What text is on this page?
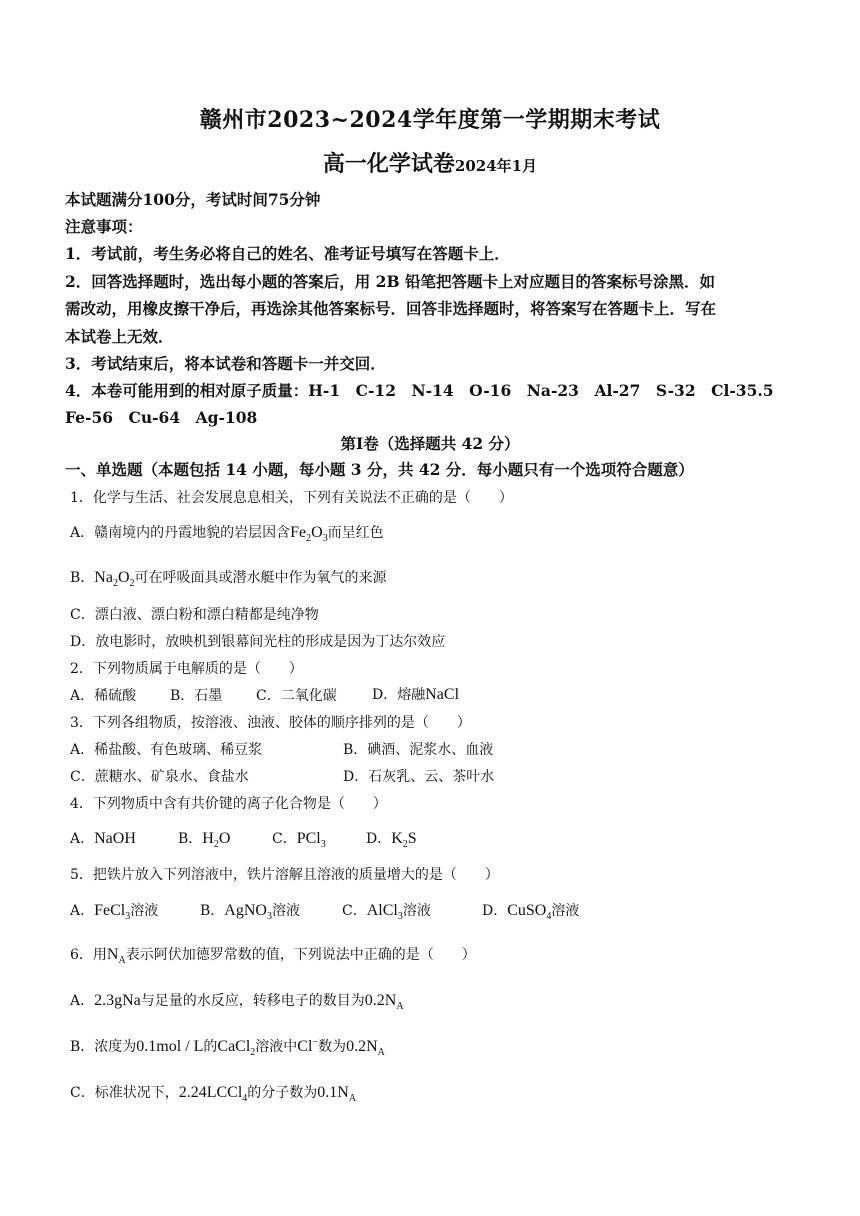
赣州市2023~2024学年度第一学期期末考试
高一化学试卷2024年1月
本试题满分100分，考试时间75分钟
注意事项：
1．考试前，考生务必将自己的姓名、准考证号填写在答题卡上．
2．回答选择题时，选出每小题的答案后，用 2B 铅笔把答题卡上对应题目的答案标号涂黑．如
需改动，用橡皮擦干净后，再选涂其他答案标号．回答非选择题时，将答案写在答题卡上．写在
本试卷上无效．
3．考试结束后，将本试卷和答题卡一并交回．
4．本卷可能用到的相对原子质量：H-1　C-12　N-14　O-16　Na-23　Al-27　S-32　Cl-35.5
Fe-56　Cu-64　Ag-108
第Ⅰ卷（选择题共 42 分）
一、单选题（本题包括 14 小题，每小题 3 分，共 42 分．每小题只有一个选项符合题意）
1．化学与生活、社会发展息息相关，下列有关说法不正确的是（　　）
A．赣南境内的丹霞地貌的岩层因含$Fe_2O_3$而呈红色
B．$Na_2O_2$可在呼吸面具或潜水艇中作为氧气的来源
C．漂白液、漂白粉和漂白精都是纯净物
D．放电影时，放映机到银幕间光柱的形成是因为丁达尔效应
2．下列物质属于电解质的是（　　）
A．稀硫酸 B．石墨 C．二氧化碳	D．熔融NaCl
3．下列各组物质，按溶液、浊液、胶体的顺序排列的是（　　）
A．稀盐酸、有色玻璃、稀豆浆	B．碘酒、泥浆水、血液
C．蔗糖水、矿泉水、食盐水	D．石灰乳、云、茶叶水
4．下列物质中含有共价键的离子化合物是（　　）
A．NaOH	B．$H_2O$	C．PCl$_3$	D．$K_2S$
5．把铁片放入下列溶液中，铁片溶解且溶液的质量增大的是（　　）
A．FeCl$_3$溶液	B．AgNO$_3$溶液	C．AlCl$_3$溶液	D．CuSO$_4$溶液
6．用$N_A$表示阿伏加德罗常数的值，下列说法中正确的是（　　）
A．2.3gNa与足量的水反应，转移电子的数目为$0.2N_A$
B．浓度为0.1mol / L的CaCl$_2$溶液中Cl−数为$0.2N_A$
C．标准状况下，2.24LCCl$_4$的分子数为$0.1N_A$
